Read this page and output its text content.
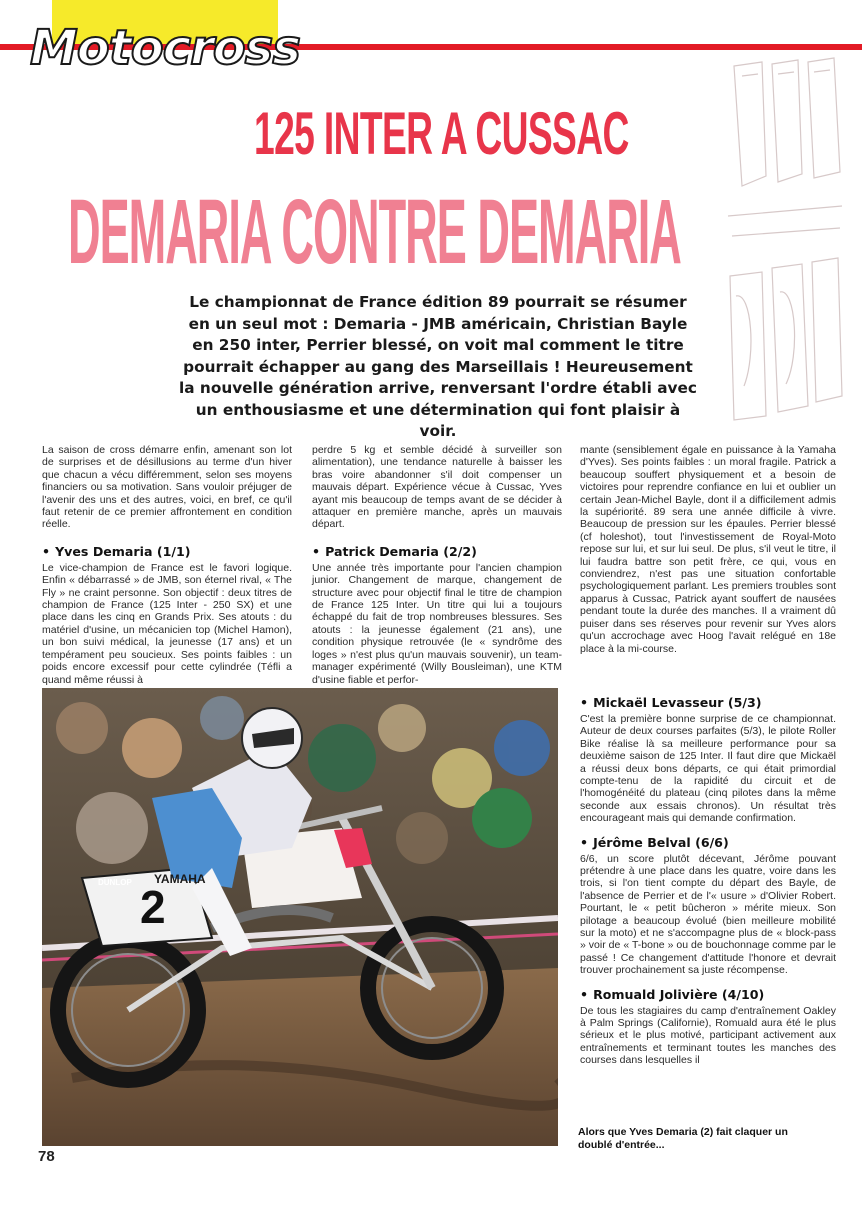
Motocross
125 INTER A CUSSAC
DEMARIA CONTRE DEMARIA
Le championnat de France édition 89 pourrait se résumer en un seul mot : Demaria - JMB américain, Christian Bayle en 250 inter, Perrier blessé, on voit mal comment le titre pourrait échapper au gang des Marseillais ! Heureusement la nouvelle génération arrive, renversant l'ordre établi avec un enthousiasme et une détermination qui font plaisir à voir.

La saison de cross démarre enfin, amenant son lot de surprises et de désillusions au terme d'un hiver que chacun a vécu différemment, selon ses moyens financiers ou sa motivation. Sans vouloir préjuger de l'avenir des uns et des autres, voici, en bref, ce qu'il faut retenir de ce premier affrontement en condition réelle.

• Yves Demaria (1/1)

Le vice-champion de France est le favori logique. Enfin « débarrassé » de JMB, son éternel rival, « The Fly » ne craint personne. Son objectif : deux titres de champion de France (125 Inter - 250 SX) et une place dans les cinq en Grands Prix. Ses atouts : du matériel d'usine, un mécanicien top (Michel Hamon), un bon suivi médical, la jeunesse (17 ans) et un tempérament peu soucieux. Ses points faibles : un poids encore excessif pour cette cylindrée (Téfli a quand même réussi à

perdre 5 kg et semble décidé à surveiller son alimentation), une tendance naturelle à baisser les bras voire abandonner s'il doit compenser un mauvais départ. Expérience vécue à Cussac, Yves ayant mis beaucoup de temps avant de se décider à attaquer en première manche, après un mauvais départ.

• Patrick Demaria (2/2)

Une année très importante pour l'ancien champion junior. Changement de marque, changement de structure avec pour objectif final le titre de champion de France 125 Inter. Un titre qui lui a toujours échappé du fait de trop nombreuses blessures. Ses atouts : la jeunesse également (21 ans), une condition physique retrouvée (le « syndrôme des loges » n'est plus qu'un mauvais souvenir), un team-manager expérimenté (Willy Bousleiman), une KTM d'usine fiable et perfor-

mante (sensiblement égale en puissance à la Yamaha d'Yves). Ses points faibles : un moral fragile. Patrick a beaucoup souffert physiquement et a besoin de victoires pour reprendre confiance en lui et oublier un certain Jean-Michel Bayle, dont il a difficilement admis la supériorité. 89 sera une année difficile à vivre. Beaucoup de pression sur les épaules. Perrier blessé (cf holeshot), tout l'investissement de Royal-Moto repose sur lui, et sur lui seul. De plus, s'il veut le titre, il lui faudra battre son petit frère, ce qui, vous en conviendrez, n'est pas une situation confortable psychologiquement parlant. Les premiers troubles sont apparus à Cussac, Patrick ayant souffert de nausées pendant toute la durée des manches. Il a vraiment dû puiser dans ses réserves pour revenir sur Yves alors qu'un accrochage avec Hoog l'avait relégué en 18e place à la mi-course.

• Mickaël Levasseur (5/3)

C'est la première bonne surprise de ce championnat. Auteur de deux courses parfaites (5/3), le pilote Roller Bike réalise là sa meilleure performance pour sa deuxième saison de 125 Inter. Il faut dire que Mickaël a réussi deux bons départs, ce qui était primordial compte-tenu de la rapidité du circuit et de l'homogénéité du plateau (cinq pilotes dans la même seconde aux essais chronos). Un résultat très encourageant mais qui demande confirmation.

• Jérôme Belval (6/6)

6/6, un score plutôt décevant, Jérôme pouvant prétendre à une place dans les quatre, voire dans les trois, si l'on tient compte du départ des Bayle, de l'absence de Perrier et de l'« usure » d'Olivier Robert. Pourtant, le « petit bûcheron » mérite mieux. Son pilotage a beaucoup évolué (bien meilleure mobilité sur la moto) et ne s'accompagne plus de « block-pass » voir de « T-bone » ou de bouchonnage comme par le passé ! Ce changement d'attitude l'honore et devrait trouver prochainement sa juste récompense.

• Romuald Jolivière (4/10)

De tous les stagiaires du camp d'entraînement Oakley à Palm Springs (Californie), Romuald aura été le plus sérieux et le plus motivé, participant activement aux entraînements et terminant toutes les manches des courses dans lesquelles il

YAMAHA
DUNLOP 2
Alors que Yves Demaria (2) fait claquer un doublé d'entrée...
78
